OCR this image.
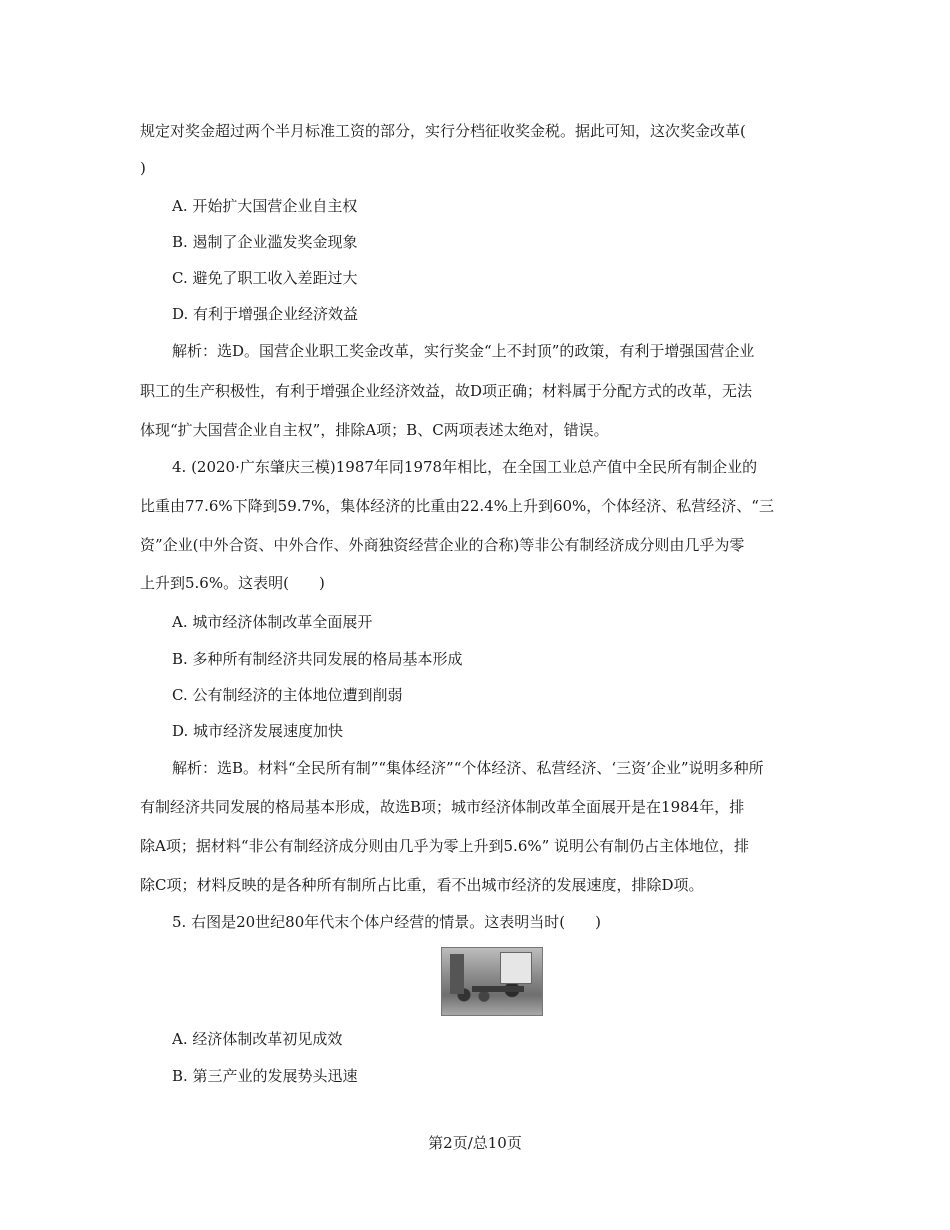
规定对奖金超过两个半月标准工资的部分，实行分档征收奖金税。据此可知，这次奖金改革(
)
A. 开始扩大国营企业自主权
B. 遏制了企业滥发奖金现象
C. 避免了职工收入差距过大
D. 有利于增强企业经济效益
解析：选D。国营企业职工奖金改革，实行奖金“上不封顶”的政策，有利于增强国营企业
职工的生产积极性，有利于增强企业经济效益，故D项正确；材料属于分配方式的改革，无法
体现“扩大国营企业自主权”，排除A项；B、C两项表述太绝对，错误。
4. (2020·广东肇庆三模)1987年同1978年相比，在全国工业总产值中全民所有制企业的
比重由77.6%下降到59.7%，集体经济的比重由22.4%上升到60%，个体经济、私营经济、“三
资”企业(中外合资、中外合作、外商独资经营企业的合称)等非公有制经济成分则由几乎为零
上升到5.6%。这表明(　　)
A. 城市经济体制改革全面展开
B. 多种所有制经济共同发展的格局基本形成
C. 公有制经济的主体地位遭到削弱
D. 城市经济发展速度加快
解析：选B。材料“全民所有制”“集体经济”“个体经济、私营经济、‘三资’企业”说明多种所
有制经济共同发展的格局基本形成，故选B项；城市经济体制改革全面展开是在1984年，排
除A项；据材料“非公有制经济成分则由几乎为零上升到5.6%” 说明公有制仍占主体地位，排
除C项；材料反映的是各种所有制所占比重，看不出城市经济的发展速度，排除D项。
5. 右图是20世纪80年代末个体户经营的情景。这表明当时(　　)
A. 经济体制改革初见成效
B. 第三产业的发展势头迅速
第2页/总10页
